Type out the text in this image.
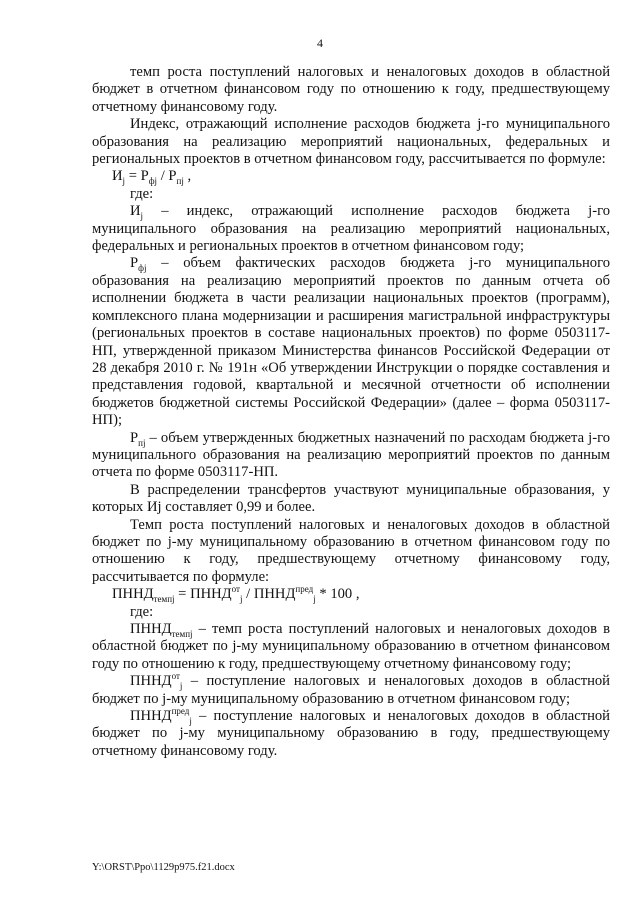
4

темп роста поступлений налоговых и неналоговых доходов в областной бюджет в отчетном финансовом году по отношению к году, предшествующему отчетному финансовому году.

Индекс, отражающий исполнение расходов бюджета j-го муниципального образования на реализацию мероприятий национальных, федеральных и региональных проектов в отчетном финансовом году, рассчитывается по формуле:

$И_j = Р_{фj} / Р_{пj}$ ,

где:

$И_j$ – индекс, отражающий исполнение расходов бюджета j-го муниципального образования на реализацию мероприятий национальных, федеральных и региональных проектов в отчетном финансовом году;

$Р_{фj}$ – объем фактических расходов бюджета j-го муниципального образования на реализацию мероприятий проектов по данным отчета об исполнении бюджета в части реализации национальных проектов (программ), комплексного плана модернизации и расширения магистральной инфраструктуры (региональных проектов в составе национальных проектов) по форме 0503117-НП, утвержденной приказом Министерства финансов Российской Федерации от 28 декабря 2010 г. № 191н «Об утверждении Инструкции о порядке составления и представления годовой, квартальной и месячной отчетности об исполнении бюджетов бюджетной системы Российской Федерации» (далее – форма 0503117-НП);

$Р_{пj}$ – объем утвержденных бюджетных назначений по расходам бюджета j-го муниципального образования на реализацию мероприятий проектов по данным отчета по форме 0503117-НП.

В распределении трансфертов участвуют муниципальные образования, у которых Иj составляет 0,99 и более.

Темп роста поступлений налоговых и неналоговых доходов в областной бюджет по j-му муниципальному образованию в отчетном финансовом году по отношению к году, предшествующему отчетному финансовому году, рассчитывается по формуле:

$ПННД_{темпj}$ = $ПННД^{от}_j$ / $ПННД^{пред}_j * 100$ ,

где:

$ПННД_{темпj}$ – темп роста поступлений налоговых и неналоговых доходов в областной бюджет по j-му муниципальному образованию в отчетном финансовом году по отношению к году, предшествующему отчетному финансовому году;

$ПННД^{от}_j$ – поступление налоговых и неналоговых доходов в областной бюджет по j-му муниципальному образованию в отчетном финансовом году;

$ПННД^{пред}_j$ – поступление налоговых и неналоговых доходов в областной бюджет по j-му муниципальному образованию в году, предшествующему отчетному финансовому году.

Y:\ORST\Ppo\1129p975.f21.docx
